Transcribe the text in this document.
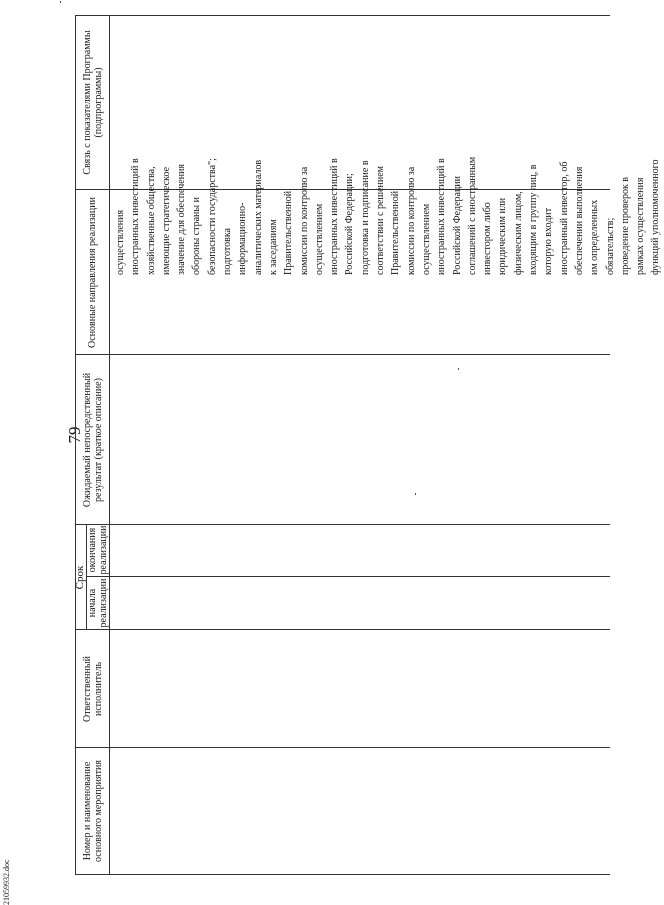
79
Номер и наименование основного мероприятия
Ответственный исполнитель
Срок
начала реализации
окончания реализации
Ожидаемый непосредственный результат (краткое описание)
Основные направления реализации
Связь с показателями Программы (подпрограммы)
осуществления иностранных инвестиций в хозяйственные общества, имеющие стратегическое значение для обеспечения обороны страны и безопасности государства"; подготовка информационно- аналитических материалов к заседаниям Правительственной комиссии по контролю за осуществлением иностранных инвестиций в Российской Федерации; подготовка и подписание в соответствии с решением Правительственной комиссии по контролю за осуществлением иностранных инвестиций в Российской Федерации соглашений с иностранным инвестором либо юридическим или физическим лицом, входящим в группу лиц, в которую входит иностранный инвестор, об обеспечении выполнения им определенных обязательств; проведение проверок в рамках осуществления функций уполномоченного
21059932.doc
